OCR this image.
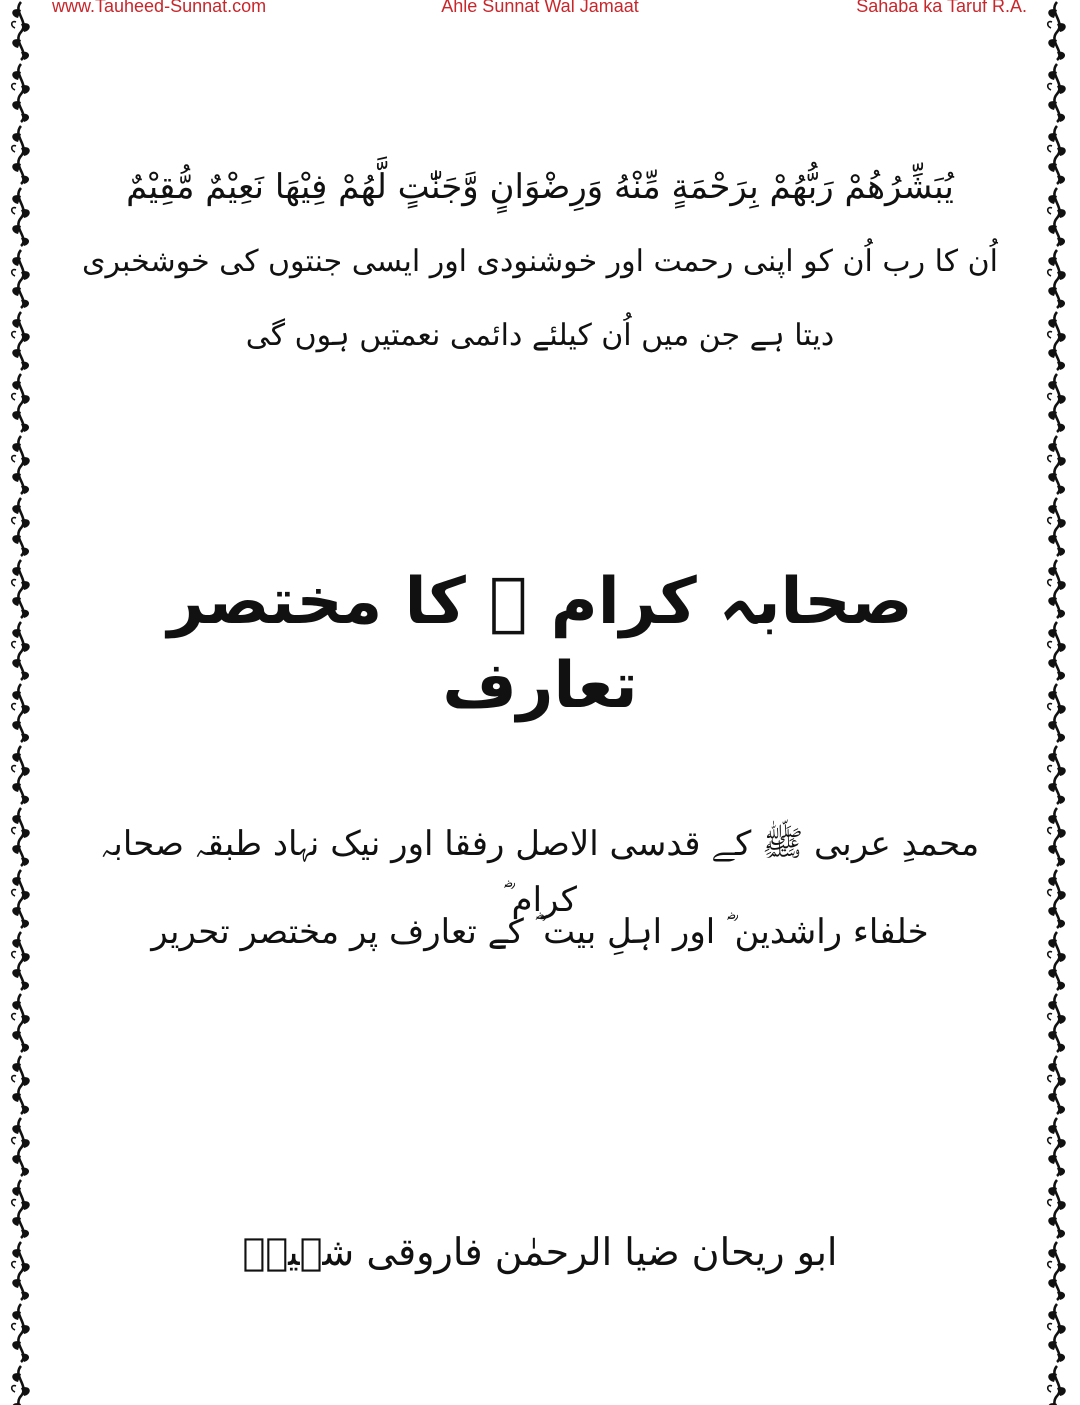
www.Tauheed-Sunnat.com	Ahle Sunnat Wal Jamaat	Sahaba ka Taruf R.A.
يُبَشِّرُهُمْ رَبُّهُمْ بِرَحْمَةٍ مِّنْهُ وَرِضْوَانٍ وَّجَنّٰتٍ لَّهُمْ فِيْهَا نَعِيْمٌ مُّقِيْمٌ
اُن کا رب اُن کو اپنی رحمت اور خوشنودی اور ایسی جنتوں کی خوشخبری
دیتا ہے جن میں اُن کیلئے دائمی نعمتیں ہوں گی
صحابہ کرام ﷢ کا مختصر تعارف
محمدِ عربی ﷺ کے قدسی الاصل رفقا اور نیک نہاد طبقہ صحابہ کرام ؓ
خلفاء راشدین ؓ اور اہلِ بیت ؓ کے تعارف پر مختصر تحریر
ابو ریحان ضیا الرحمٰن فاروقی شہیدؒ
